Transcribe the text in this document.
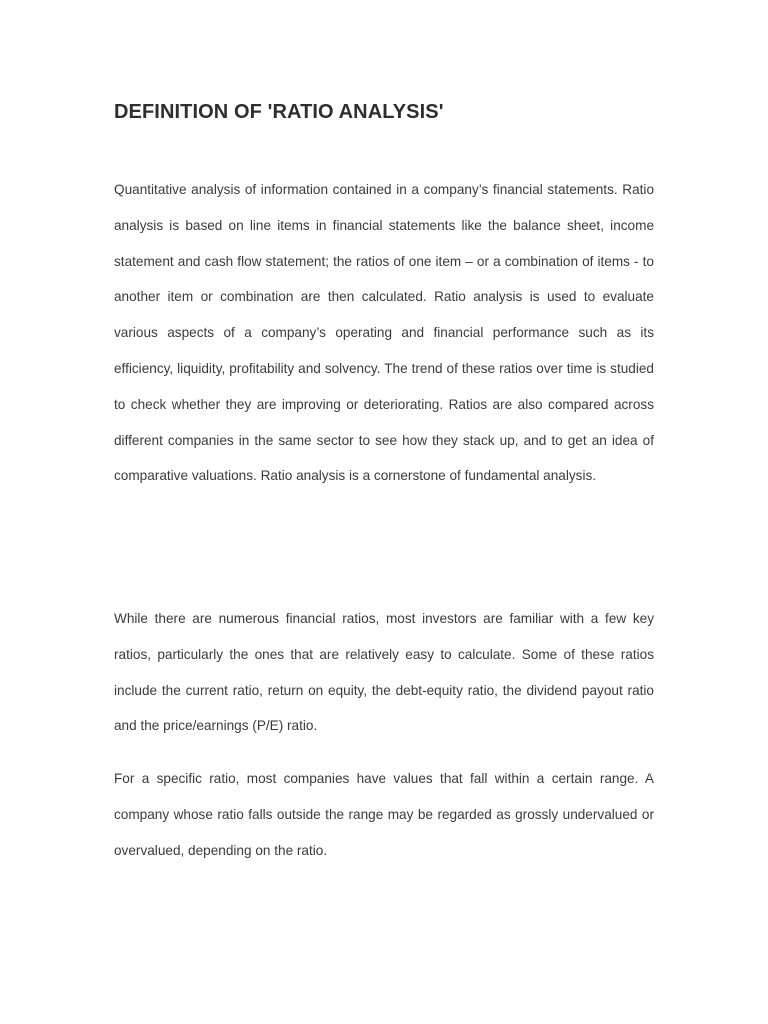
DEFINITION OF 'RATIO ANALYSIS'

Quantitative analysis of information contained in a company’s financial statements. Ratio analysis is based on line items in financial statements like the balance sheet, income statement and cash flow statement; the ratios of one item – or a combination of items - to another item or combination are then calculated. Ratio analysis is used to evaluate various aspects of a company’s operating and financial performance such as its efficiency, liquidity, profitability and solvency. The trend of these ratios over time is studied to check whether they are improving or deteriorating. Ratios are also compared across different companies in the same sector to see how they stack up, and to get an idea of comparative valuations. Ratio analysis is a cornerstone of fundamental analysis.

While there are numerous financial ratios, most investors are familiar with a few key ratios, particularly the ones that are relatively easy to calculate. Some of these ratios include the current ratio, return on equity, the debt-equity ratio, the dividend payout ratio and the price/earnings (P/E) ratio.

For a specific ratio, most companies have values that fall within a certain range. A company whose ratio falls outside the range may be regarded as grossly undervalued or overvalued, depending on the ratio.
